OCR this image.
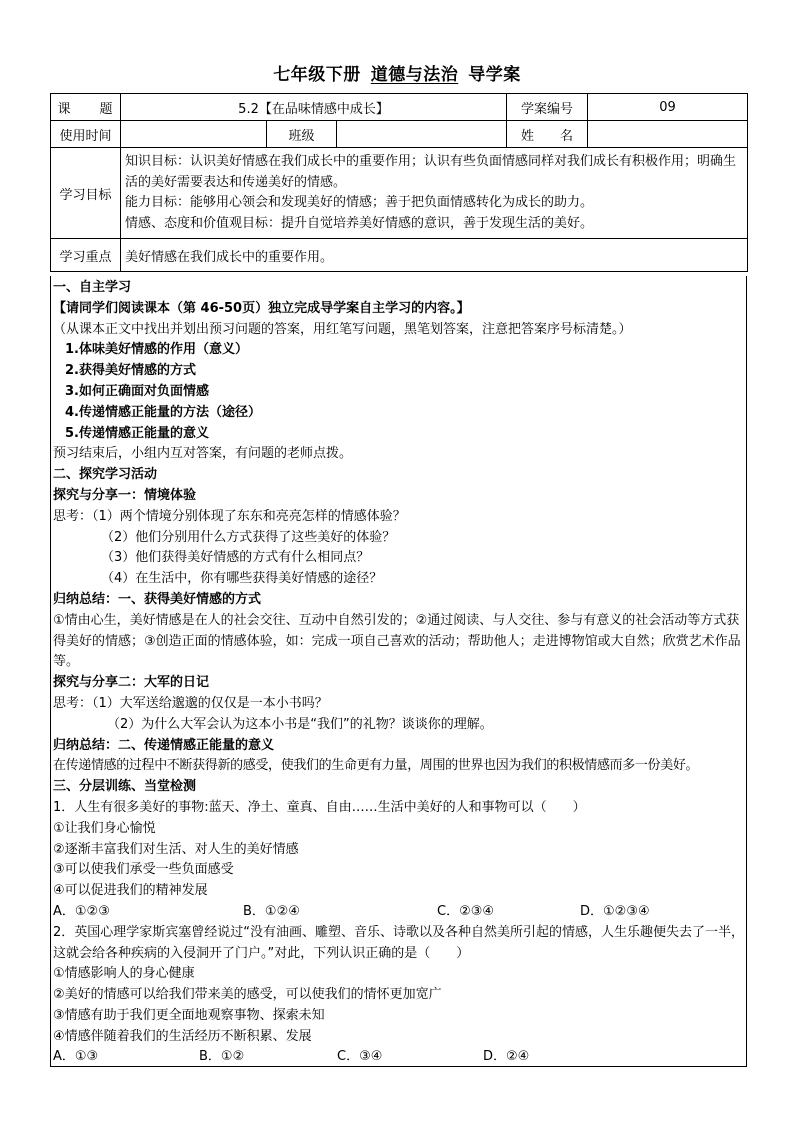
七年级下册 道德与法治 导学案
课　　题	5.2【在品味情感中成长】			学案编号	09
使用时间		班级		姓　　名	
学习目标	知识目标：认识美好情感在我们成长中的重要作用；认识有些负面情感同样对我们成长有积极作用；明确生活的美好需要表达和传递美好的情感。
能力目标：能够用心领会和发现美好的情感；善于把负面情感转化为成长的助力。
情感、态度和价值观目标：提升自觉培养美好情感的意识，善于发现生活的美好。				

学习重点	美好情感在我们成长中的重要作用。				
一、自主学习
【请同学们阅读课本（第 46-50页）独立完成导学案自主学习的内容。】
（从课本正文中找出并划出预习问题的答案，用红笔写问题，黑笔划答案，注意把答案序号标清楚。）
1.体味美好情感的作用（意义）
2.获得美好情感的方式
3.如何正确面对负面情感
4.传递情感正能量的方法（途径）
5.传递情感正能量的意义
预习结束后，小组内互对答案，有问题的老师点拨。
二、探究学习活动
探究与分享一：情境体验
思考：（1）两个情境分别体现了东东和亮亮怎样的情感体验？
（2）他们分别用什么方式获得了这些美好的体验？
（3）他们获得美好情感的方式有什么相同点？
（4）在生活中，你有哪些获得美好情感的途径？
归纳总结：一、获得美好情感的方式
①情由心生，美好情感是在人的社会交往、互动中自然引发的；②通过阅读、与人交往、参与有意义的社会活动等方式获得美好的情感；③创造正面的情感体验，如：完成一项自己喜欢的活动；帮助他人；走进博物馆或大自然；欣赏艺术作品等。
探究与分享二：大军的日记
思考：（1）大军送给邈邈的仅仅是一本小书吗？
（2）为什么大军会认为这本小书是“我们”的礼物？谈谈你的理解。
归纳总结：二、传递情感正能量的意义
在传递情感的过程中不断获得新的感受，使我们的生命更有力量，周围的世界也因为我们的积极情感而多一份美好。
三、分层训练、当堂检测
1．人生有很多美好的事物:蓝天、净土、童真、自由……生活中美好的人和事物可以（　　）
①让我们身心愉悦
②逐渐丰富我们对生活、对人生的美好情感
③可以使我们承受一些负面感受
④可以促进我们的精神发展
A．①②③	B．①②④	C．②③④	D．①②③④
2．英国心理学家斯宾塞曾经说过“没有油画、雕塑、音乐、诗歌以及各种自然美所引起的情感，人生乐趣便失去了一半，这就会给各种疾病的入侵洞开了门户。”对此，下列认识正确的是（　　）
①情感影响人的身心健康
②美好的情感可以给我们带来美的感受，可以使我们的情怀更加宽广
③情感有助于我们更全面地观察事物、探索未知
④情感伴随着我们的生活经历不断积累、发展
A．①③	B．①②	C．③④	D．②④
